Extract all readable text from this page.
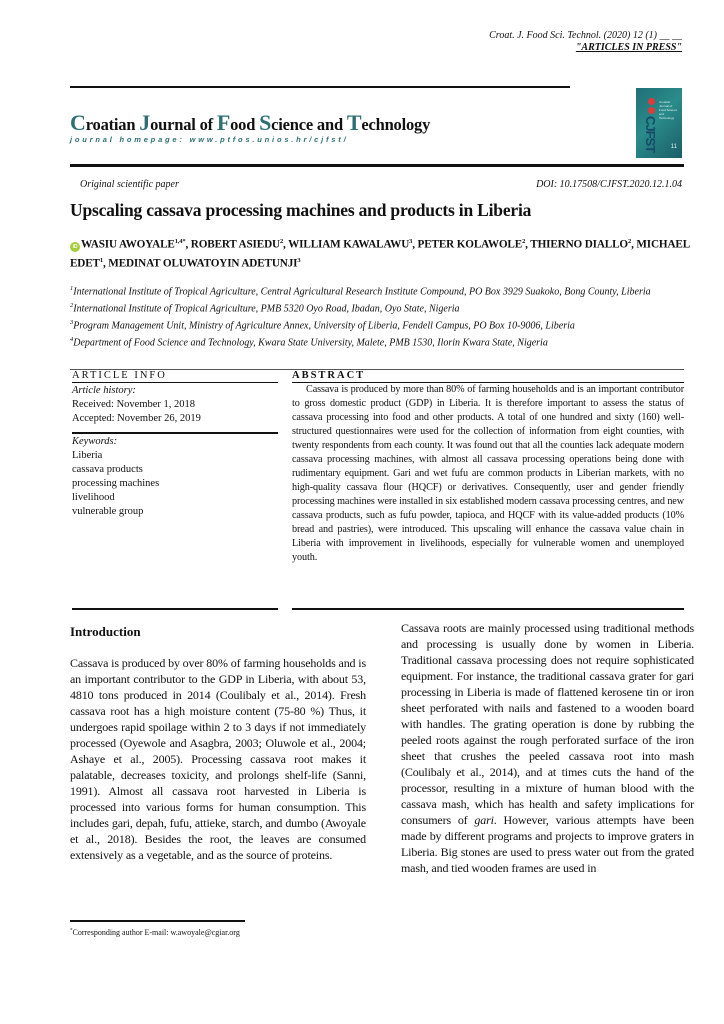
Croat. J. Food Sci. Technol. (2020) 12 (1) __ __
"ARTICLES IN PRESS"
Croatian Journal of Food Science and Technology
journal homepage: www.ptfos.unios.hr/cjfst/
Croatian Journal of Food Science and Technology
CJFST 11
Original scientific paper	DOI: 10.17508/CJFST.2020.12.1.04
Upscaling cassava processing machines and products in Liberia
iD WASIU $AWOYALE^{1,4*}$, ROBERT ASIEDU$^2$, WILLIAM KAWALAWU$^3$, PETER KOLAWOLE$^2$, THIERNO DIALLO$^2$, MICHAEL EDET$^1$, MEDINAT OLUWATOYIN ADETUNJI$^3$

$^1$International Institute of Tropical Agriculture, Central Agricultural Research Institute Compound, PO Box 3929 Suakoko, Bong County, Liberia

$^2$International Institute of Tropical Agriculture, PMB 5320 Oyo Road, Ibadan, Oyo State, Nigeria

$^3$Program Management Unit, Ministry of Agriculture Annex, University of Liberia, Fendell Campus, PO Box 10-9006, Liberia

$^4$Department of Food Science and Technology, Kwara State University, Malete, PMB 1530, Ilorin Kwara State, Nigeria

ARTICLE INFO
Article history:
Received: November 1, 2018
Accepted: November 26, 2019
Keywords:
Liberia
cassava products
processing machines
livelihood
vulnerable group
ABSTRACT
Cassava is produced by more than 80% of farming households and is an important contributor to gross domestic product (GDP) in Liberia. It is therefore important to assess the status of cassava processing into food and other products. A total of one hundred and sixty (160) well-structured questionnaires were used for the collection of information from eight counties, with twenty respondents from each county. It was found out that all the counties lack adequate modern cassava processing machines, with almost all cassava processing operations being done with rudimentary equipment. Gari and wet fufu are common products in Liberian markets, with no high-quality cassava flour (HQCF) or derivatives. Consequently, user and gender friendly processing machines were installed in six established modern cassava processing centres, and new cassava products, such as fufu powder, tapioca, and HQCF with its value-added products (10% bread and pastries), were introduced. This upscaling will enhance the cassava value chain in Liberia with improvement in livelihoods, especially for vulnerable women and unemployed youth.
Introduction
Cassava is produced by over 80% of farming households and is an important contributor to the GDP in Liberia, with about 53, 4810 tons produced in 2014 (Coulibaly et al., 2014). Fresh cassava root has a high moisture content (75-80 %) Thus, it undergoes rapid spoilage within 2 to 3 days if not immediately processed (Oyewole and Asagbra, 2003; Oluwole et al., 2004; Ashaye et al., 2005). Processing cassava root makes it palatable, decreases toxicity, and prolongs shelf-life (Sanni, 1991). Almost all cassava root harvested in Liberia is processed into various forms for human consumption. This includes gari, depah, fufu, attieke, starch, and dumbo (Awoyale et al., 2018). Besides the root, the leaves are consumed extensively as a vegetable, and as the source of proteins.
Cassava roots are mainly processed using traditional methods and processing is usually done by women in Liberia. Traditional cassava processing does not require sophisticated equipment. For instance, the traditional cassava grater for gari processing in Liberia is made of flattened kerosene tin or iron sheet perforated with nails and fastened to a wooden board with handles. The grating operation is done by rubbing the peeled roots against the rough perforated surface of the iron sheet that crushes the peeled cassava root into mash (Coulibaly et al., 2014), and at times cuts the hand of the processor, resulting in a mixture of human blood with the cassava mash, which has health and safety implications for consumers of gari. However, various attempts have been made by different programs and projects to improve graters in Liberia. Big stones are used to press water out from the grated mash, and tied wooden frames are used in
*Corresponding author E-mail: w.awoyale@cgiar.org
